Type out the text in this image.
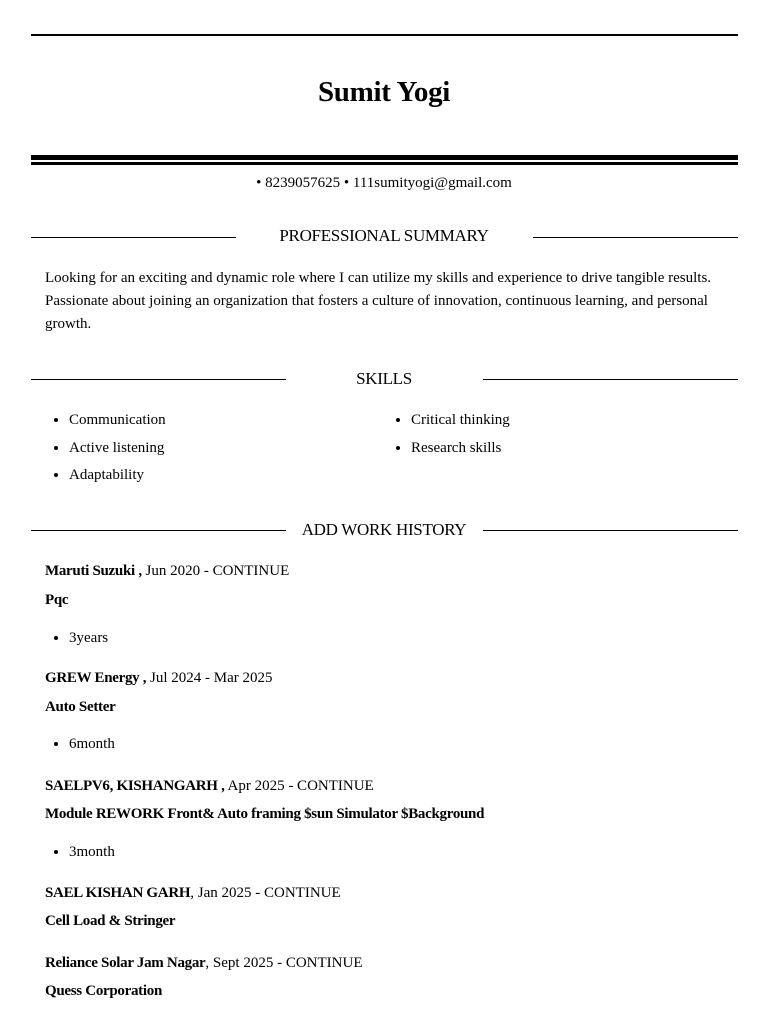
Sumit Yogi
• 8239057625 • 111sumityogi@gmail.com
PROFESSIONAL SUMMARY
Looking for an exciting and dynamic role where I can utilize my skills and experience to drive tangible results. Passionate about joining an organization that fosters a culture of innovation, continuous learning, and personal growth.
SKILLS
• Communication
• Active listening
• Adaptability
• Critical thinking
• Research skills
ADD WORK HISTORY
Maruti Suzuki , Jun 2020 - CONTINUE
Pqc
• 3years
GREW Energy , Jul 2024 - Mar 2025
Auto Setter
• 6month
SAELPV6, KISHANGARH , Apr 2025 - CONTINUE
Module REWORK Front& Auto framing $sun Simulator $Background
• 3month
SAEL KISHAN GARH, Jan 2025 - CONTINUE
Cell Load & Stringer
Reliance Solar Jam Nagar, Sept 2025 - CONTINUE
Quess Corporation
